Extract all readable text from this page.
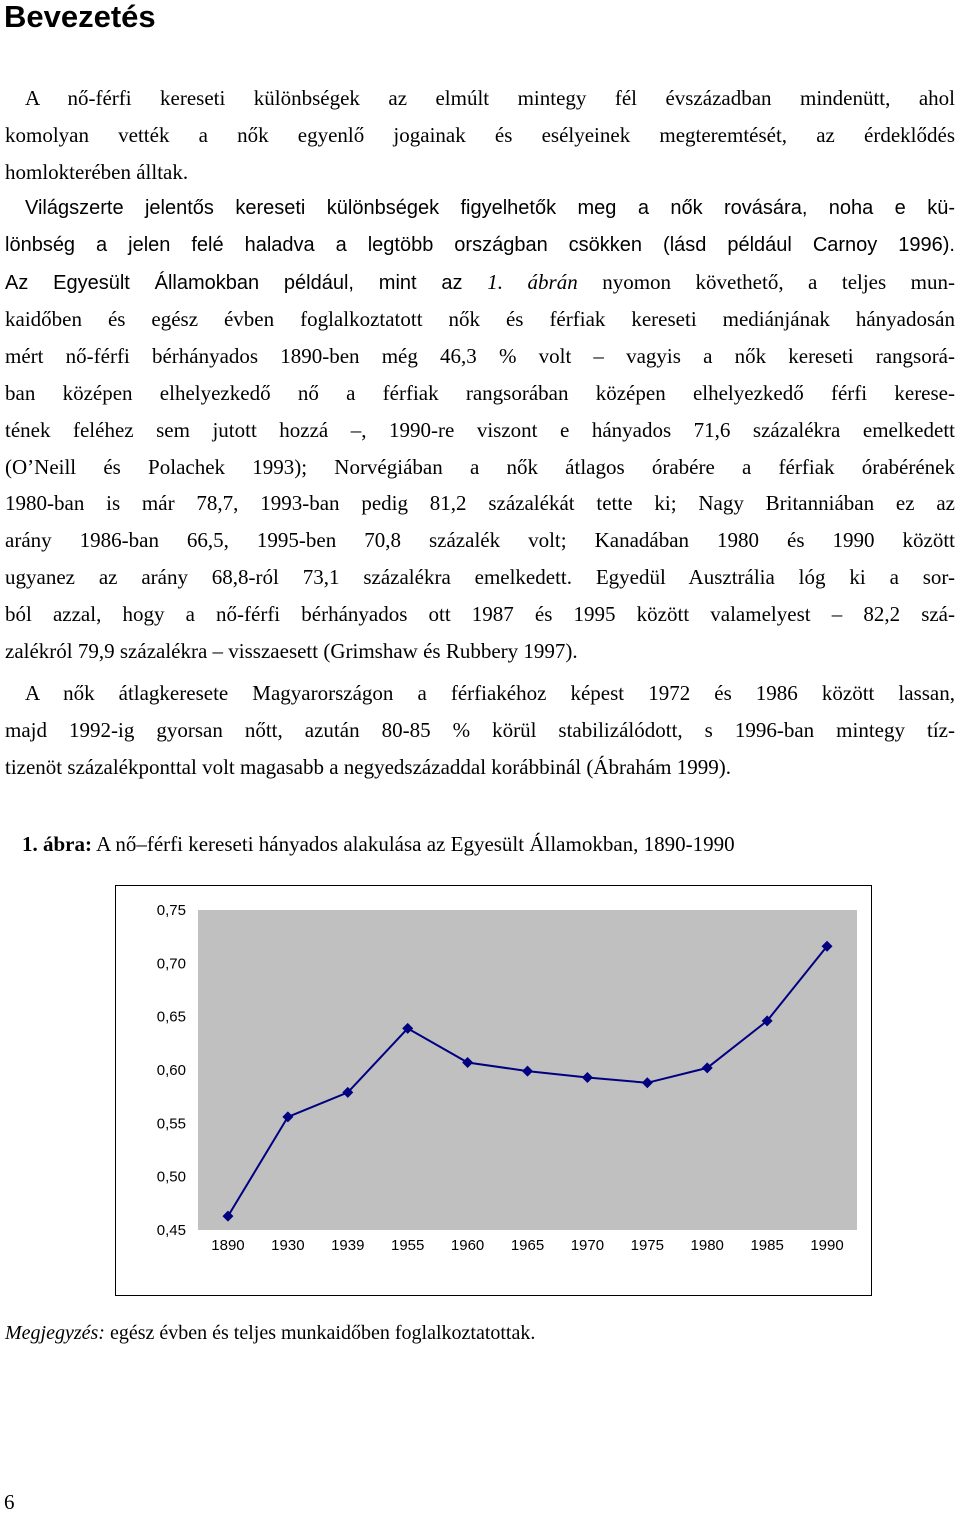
Bevezetés
A nő-férfi kereseti különbségek az elmúlt mintegy fél évszázadban mindenütt, ahol
komolyan vették a nők egyenlő jogainak és esélyeinek megteremtését, az érdeklődés
homlokterében álltak.
Világszerte jelentős kereseti különbségek figyelhetők meg a nők rovására, noha e kü-
lönbség a jelen felé haladva a legtöbb országban csökken (lásd például Carnoy 1996).
Az Egyesült Államokban például, mint az 1. ábrán nyomon követhető, a teljes mun-
kaidőben és egész évben foglalkoztatott nők és férfiak kereseti mediánjának hányadosán
mért nő-férfi bérhányados 1890-ben még 46,3 % volt – vagyis a nők kereseti rangsorá-
ban középen elhelyezkedő nő a férfiak rangsorában középen elhelyezkedő férfi kerese-
tének feléhez sem jutott hozzá –, 1990-re viszont e hányados 71,6 százalékra emelkedett
(O’Neill és Polachek 1993); Norvégiában a nők átlagos órabére a férfiak órabérének
1980-ban is már 78,7, 1993-ban pedig 81,2 százalékát tette ki; Nagy Britanniában ez az
arány 1986-ban 66,5, 1995-ben 70,8 százalék volt; Kanadában 1980 és 1990 között
ugyanez az arány 68,8-ról 73,1 százalékra emelkedett. Egyedül Ausztrália lóg ki a sor-
ból azzal, hogy a nő-férfi bérhányados ott 1987 és 1995 között valamelyest – 82,2 szá-
zalékról 79,9 százalékra – visszaesett (Grimshaw és Rubbery 1997).
A nők átlagkeresete Magyarországon a férfiakéhoz képest 1972 és 1986 között lassan,
majd 1992-ig gyorsan nőtt, azután 80-85 % körül stabilizálódott, s 1996-ban mintegy tíz-
tizenöt százalékponttal volt magasabb a negyedszázaddal korábbinál (Ábrahám 1999).

1. ábra: A nő–férfi kereseti hányados alakulása az Egyesült Államokban, 1890-1990

0,45
0,50
0,55
0,60
0,65
0,70
0,75
1890 1930 1939 1955 1960 1965 1970 1975 1980 1985 1990

Megjegyzés: egész évben és teljes munkaidőben foglalkoztatottak.

6
